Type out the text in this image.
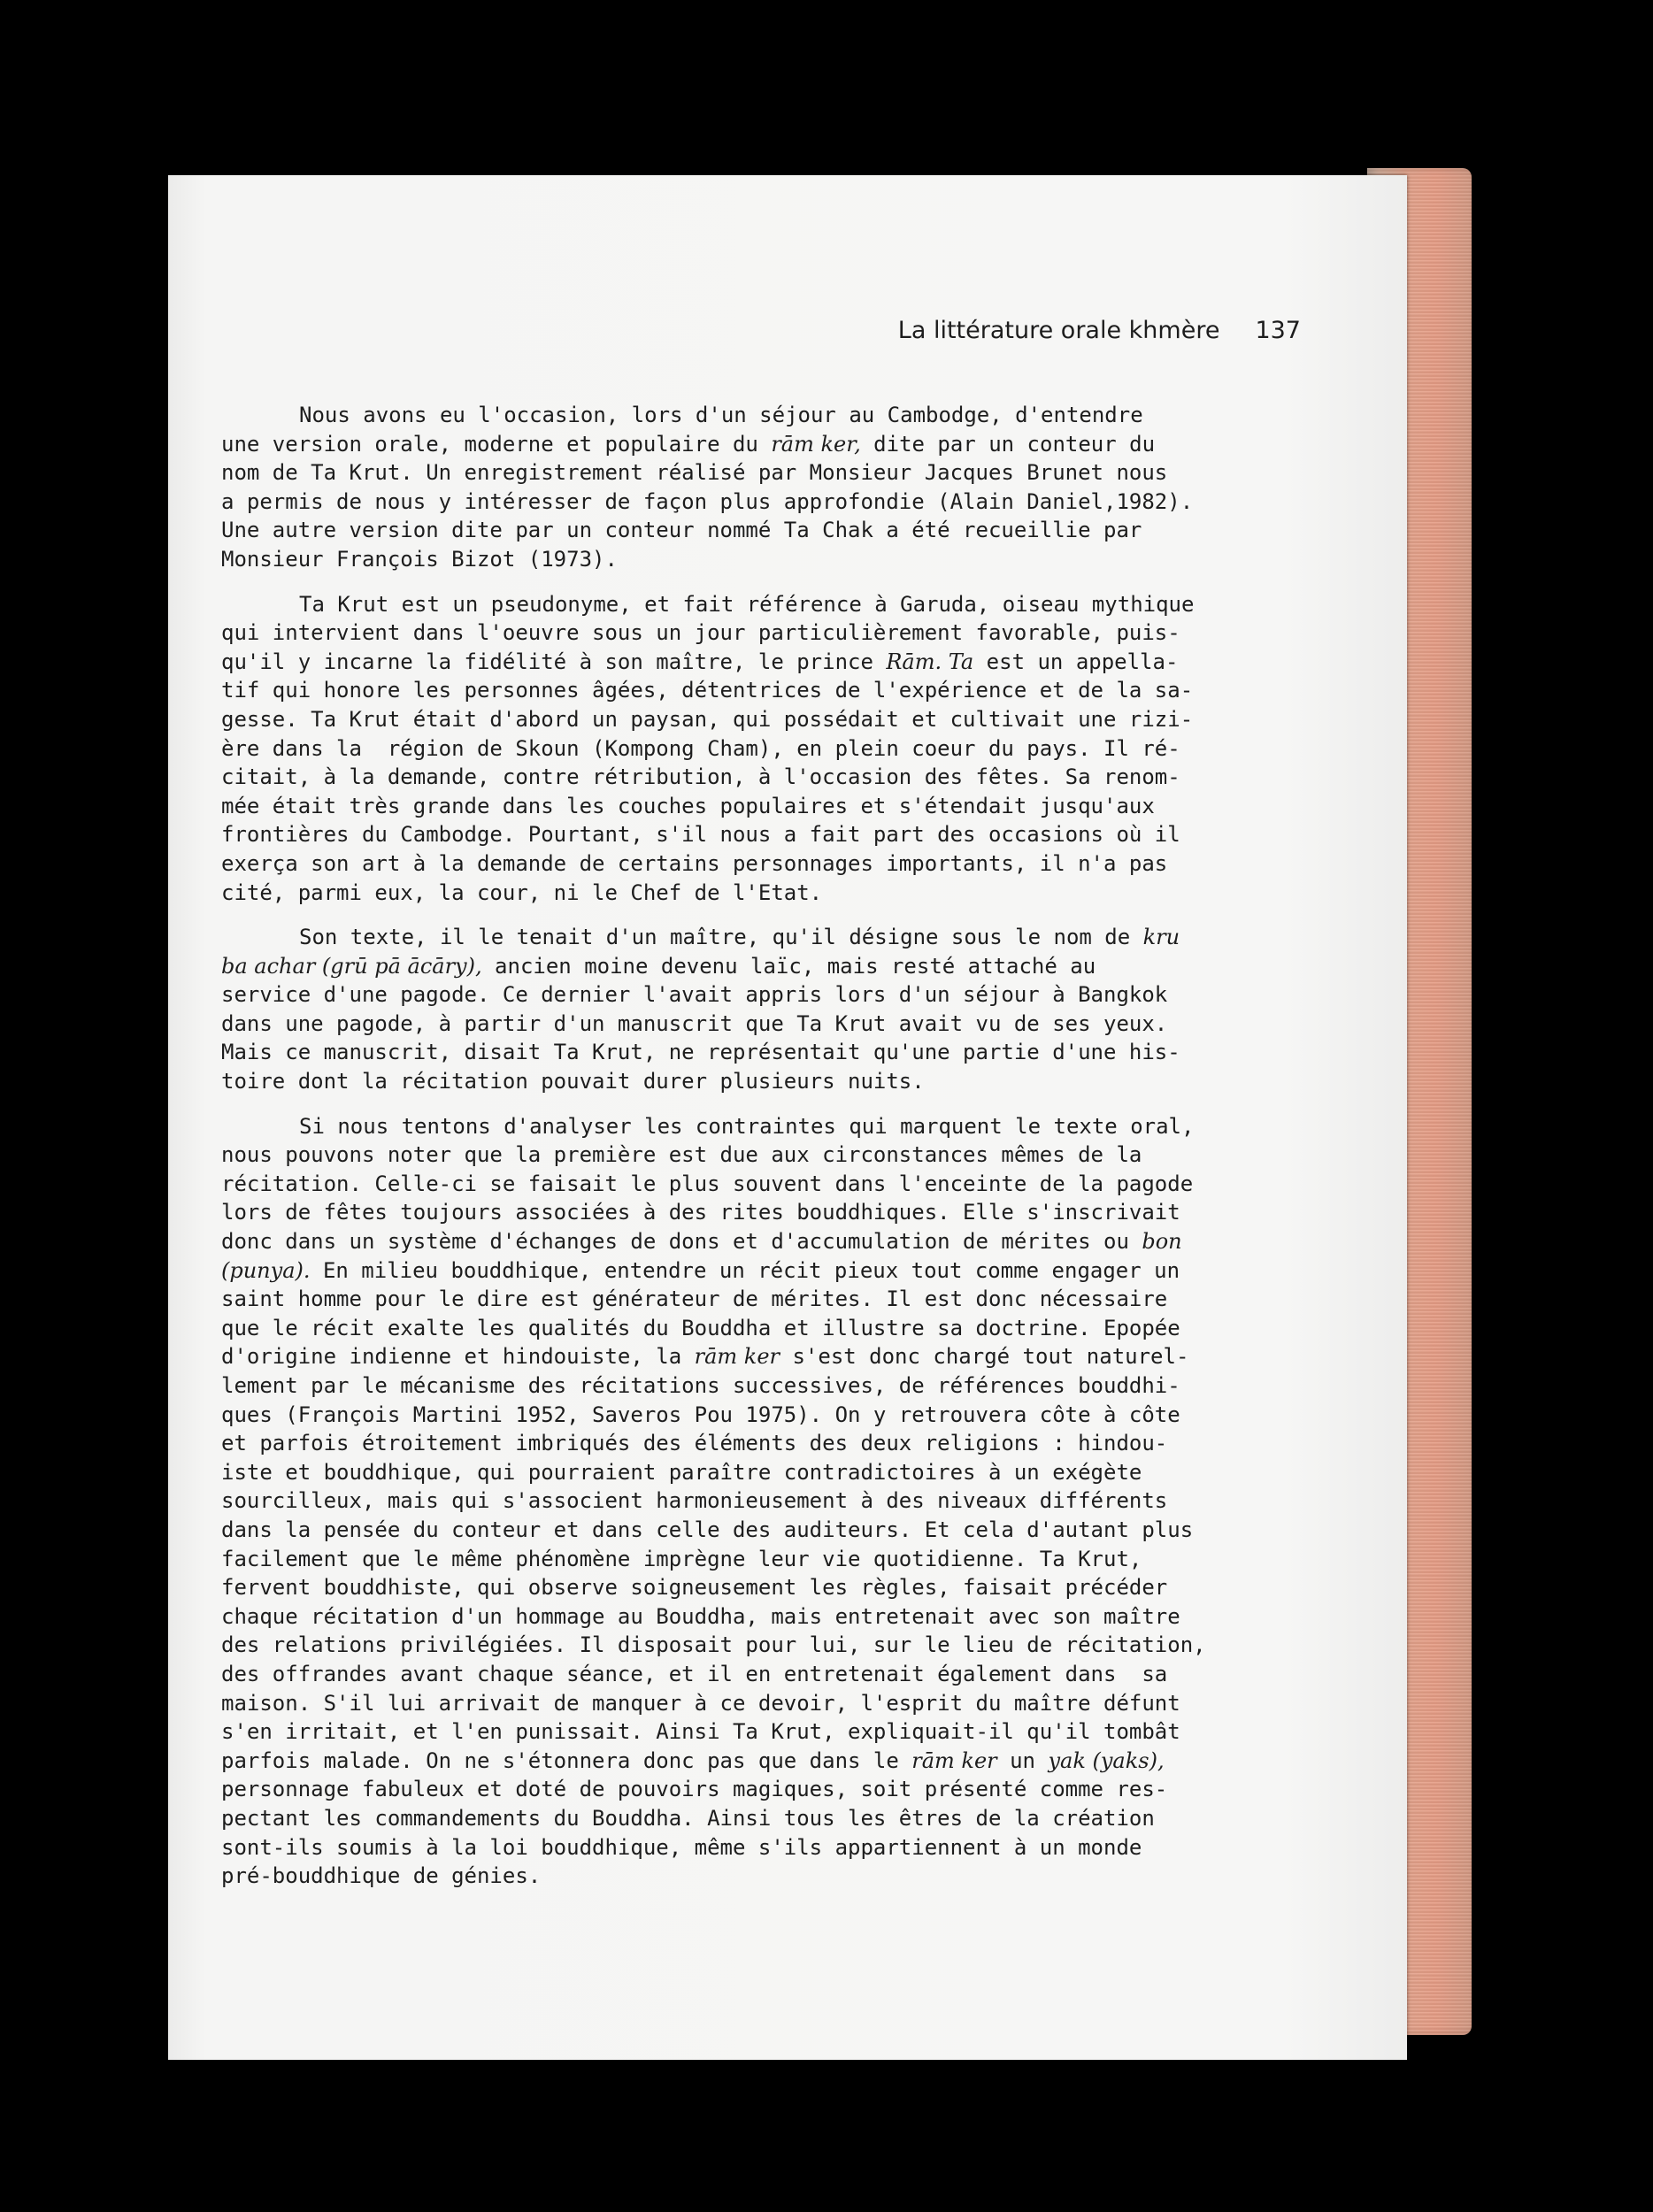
La littérature orale khmère 137
Nous avons eu l'occasion, lors d'un séjour au Cambodge, d'entendre
une version orale, moderne et populaire du rām ker, dite par un conteur du
nom de Ta Krut. Un enregistrement réalisé par Monsieur Jacques Brunet nous
a permis de nous y intéresser de façon plus approfondie (Alain Daniel,1982).
Une autre version dite par un conteur nommé Ta Chak a été recueillie par
Monsieur François Bizot (1973).
Ta Krut est un pseudonyme, et fait référence à Garuda, oiseau mythique
qui intervient dans l'oeuvre sous un jour particulièrement favorable, puis-
qu'il y incarne la fidélité à son maître, le prince Rām. Ta est un appella-
tif qui honore les personnes âgées, détentrices de l'expérience et de la sa-
gesse. Ta Krut était d'abord un paysan, qui possédait et cultivait une rizi-
ère dans la  région de Skoun (Kompong Cham), en plein coeur du pays. Il ré-
citait, à la demande, contre rétribution, à l'occasion des fêtes. Sa renom-
mée était très grande dans les couches populaires et s'étendait jusqu'aux
frontières du Cambodge. Pourtant, s'il nous a fait part des occasions où il
exerça son art à la demande de certains personnages importants, il n'a pas
cité, parmi eux, la cour, ni le Chef de l'Etat.
Son texte, il le tenait d'un maître, qu'il désigne sous le nom de kru
ba achar (grū pā ācāry), ancien moine devenu laïc, mais resté attaché au
service d'une pagode. Ce dernier l'avait appris lors d'un séjour à Bangkok
dans une pagode, à partir d'un manuscrit que Ta Krut avait vu de ses yeux.
Mais ce manuscrit, disait Ta Krut, ne représentait qu'une partie d'une his-
toire dont la récitation pouvait durer plusieurs nuits.
Si nous tentons d'analyser les contraintes qui marquent le texte oral,
nous pouvons noter que la première est due aux circonstances mêmes de la
récitation. Celle-ci se faisait le plus souvent dans l'enceinte de la pagode
lors de fêtes toujours associées à des rites bouddhiques. Elle s'inscrivait
donc dans un système d'échanges de dons et d'accumulation de mérites ou bon
(punya). En milieu bouddhique, entendre un récit pieux tout comme engager un
saint homme pour le dire est générateur de mérites. Il est donc nécessaire
que le récit exalte les qualités du Bouddha et illustre sa doctrine. Epopée
d'origine indienne et hindouiste, la rām ker s'est donc chargé tout naturel-
lement par le mécanisme des récitations successives, de références bouddhi-
ques (François Martini 1952, Saveros Pou 1975). On y retrouvera côte à côte
et parfois étroitement imbriqués des éléments des deux religions : hindou-
iste et bouddhique, qui pourraient paraître contradictoires à un exégète
sourcilleux, mais qui s'associent harmonieusement à des niveaux différents
dans la pensée du conteur et dans celle des auditeurs. Et cela d'autant plus
facilement que le même phénomène imprègne leur vie quotidienne. Ta Krut,
fervent bouddhiste, qui observe soigneusement les règles, faisait précéder
chaque récitation d'un hommage au Bouddha, mais entretenait avec son maître
des relations privilégiées. Il disposait pour lui, sur le lieu de récitation,
des offrandes avant chaque séance, et il en entretenait également dans  sa
maison. S'il lui arrivait de manquer à ce devoir, l'esprit du maître défunt
s'en irritait, et l'en punissait. Ainsi Ta Krut, expliquait-il qu'il tombât
parfois malade. On ne s'étonnera donc pas que dans le rām ker un yak (yaks),
personnage fabuleux et doté de pouvoirs magiques, soit présenté comme res-
pectant les commandements du Bouddha. Ainsi tous les êtres de la création
sont-ils soumis à la loi bouddhique, même s'ils appartiennent à un monde
pré-bouddhique de génies.
